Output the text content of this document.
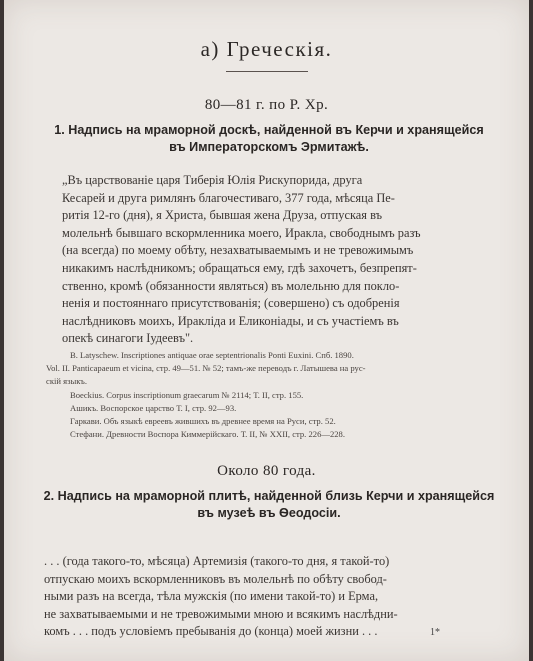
а) Греческія.
80—81 г. по Р. Хр.
1. Надпись на мраморной доскѣ, найденной въ Керчи и хранящейся
въ Императорскомъ Эрмитажѣ.
„Въ царствованіе царя Тиберія Юлія Рискупорида, друга
Кесарей и друга римлянъ благочестиваго, 377 года, мѣсяца Пе-
ритія 12-го (дня), я Христа, бывшая жена Друза, отпуская въ
молельнѣ бывшаго вскормленника моего, Иракла, свободнымъ разъ
(на всегда) по моему обѣту, незахватываемымъ и не тревожимымъ
никакимъ наслѣдникомъ; обращаться ему, гдѣ захочетъ, безпрепят-
ственно, кромѣ (обязанности являться) въ молельню для покло-
ненія и постояннаго присутствованія; (совершено) съ одобренія
наслѣдниковъ моихъ, Иракліда и Еликоніады, и съ участіемъ въ
опекѣ синагоги Іудеевъ".
B. Latyschew. Inscriptiones antiquae orae septentrionalis Ponti Euxini. Спб. 1890.
Vol. II. Panticapaeum et vicina, стр. 49—51. № 52; тамъ-же переводъ г. Латышева на рус-
скій языкъ.
Boeckius. Corpus inscriptionum graecarum № 2114; Т. II, стр. 155.
Ашикъ. Воспорское царство Т. I, стр. 92—93.
Гаркави. Объ языкѣ евреевъ жившихъ въ древнее время на Руси, стр. 52.
Стефани. Древности Воспора Киммерійскаго. Т. II, № XXII, стр. 226—228.
Около 80 года.
2. Надпись на мраморной плитѣ, найденной близь Керчи и хранящейся
въ музеѣ въ Ѳеодосіи.
. . . (года такого-то, мѣсяца) Артемизія (такого-то дня, я такой-то)
отпускаю моихъ вскормленниковъ въ молельнѣ по обѣту свобод-
ными разъ на всегда, тѣла мужскія (по имени такой-то) и Ерма,
не захватываемыми и не тревожимыми мною и всякимъ наслѣдни-
комъ . . . подъ условіемъ пребыванія до (конца) моей жизни . . .	1*
